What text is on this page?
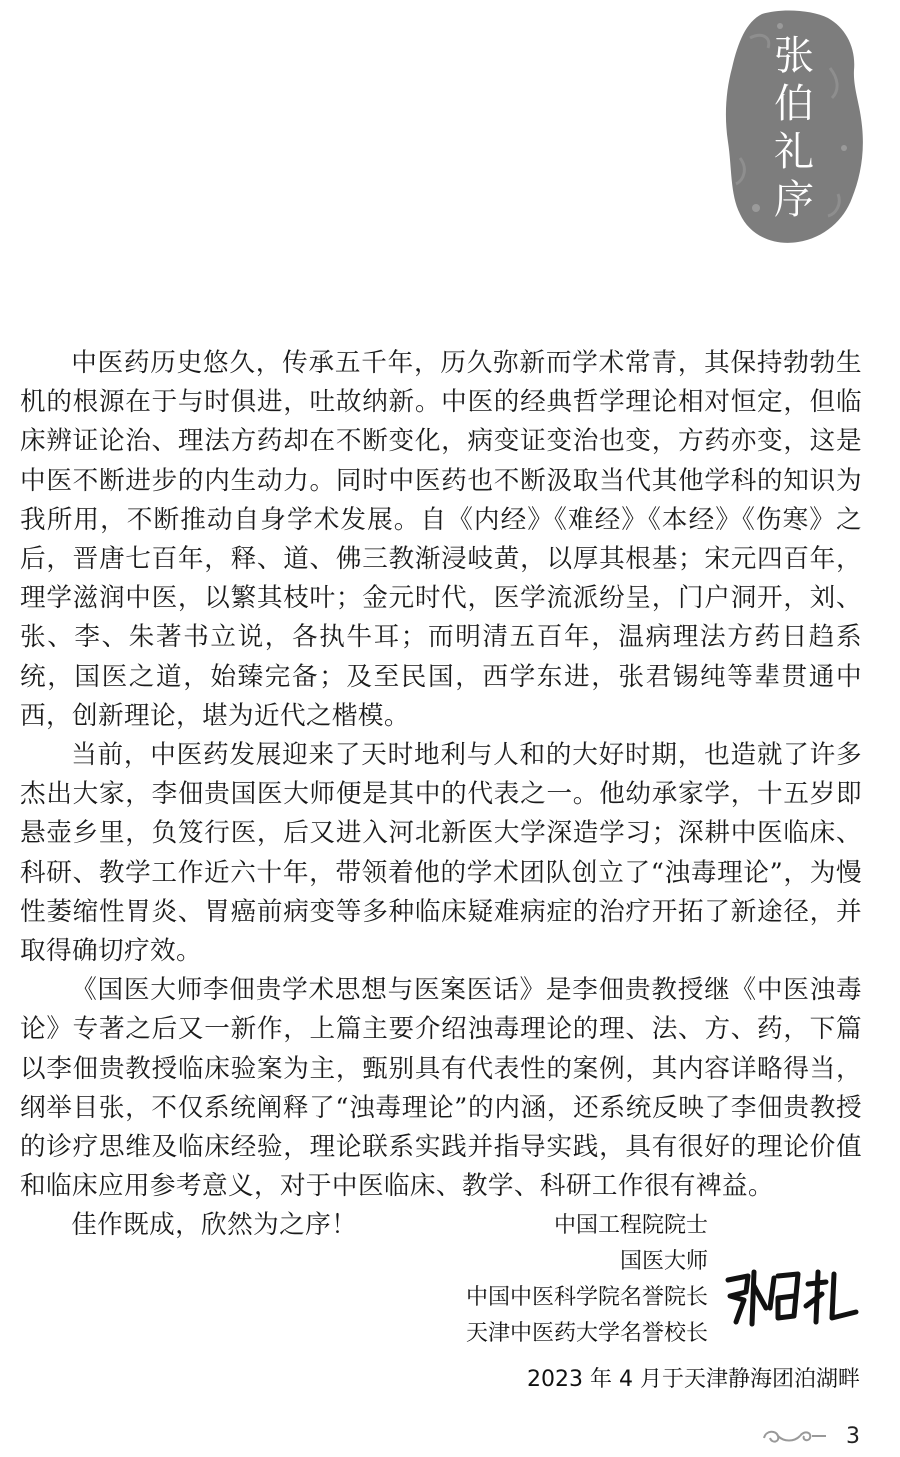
张
伯
礼
序

中医药历史悠久，传承五千年，历久弥新而学术常青，其保持勃勃生机的根源在于与时俱进，吐故纳新。中医的经典哲学理论相对恒定，但临床辨证论治、理法方药却在不断变化，病变证变治也变，方药亦变，这是中医不断进步的内生动力。同时中医药也不断汲取当代其他学科的知识为我所用，不断推动自身学术发展。自《内经》《难经》《本经》《伤寒》之后，晋唐七百年，释、道、佛三教渐浸岐黄，以厚其根基；宋元四百年，理学滋润中医，以繁其枝叶；金元时代，医学流派纷呈，门户洞开，刘、张、李、朱著书立说，各执牛耳；而明清五百年，温病理法方药日趋系统，国医之道，始臻完备；及至民国，西学东进，张君锡纯等辈贯通中西，创新理论，堪为近代之楷模。

当前，中医药发展迎来了天时地利与人和的大好时期，也造就了许多杰出大家，李佃贵国医大师便是其中的代表之一。他幼承家学，十五岁即悬壶乡里，负笈行医，后又进入河北新医大学深造学习；深耕中医临床、科研、教学工作近六十年，带领着他的学术团队创立了“浊毒理论”，为慢性萎缩性胃炎、胃癌前病变等多种临床疑难病症的治疗开拓了新途径，并取得确切疗效。

《国医大师李佃贵学术思想与医案医话》是李佃贵教授继《中医浊毒论》专著之后又一新作，上篇主要介绍浊毒理论的理、法、方、药，下篇以李佃贵教授临床验案为主，甄别具有代表性的案例，其内容详略得当，纲举目张，不仅系统阐释了“浊毒理论”的内涵，还系统反映了李佃贵教授的诊疗思维及临床经验，理论联系实践并指导实践，具有很好的理论价值和临床应用参考意义，对于中医临床、教学、科研工作很有裨益。

佳作既成，欣然为之序！	中国工程院院士
国医大师
中国中医科学院名誉院长
天津中医药大学名誉校长
2023 年 4 月于天津静海团泊湖畔
3
